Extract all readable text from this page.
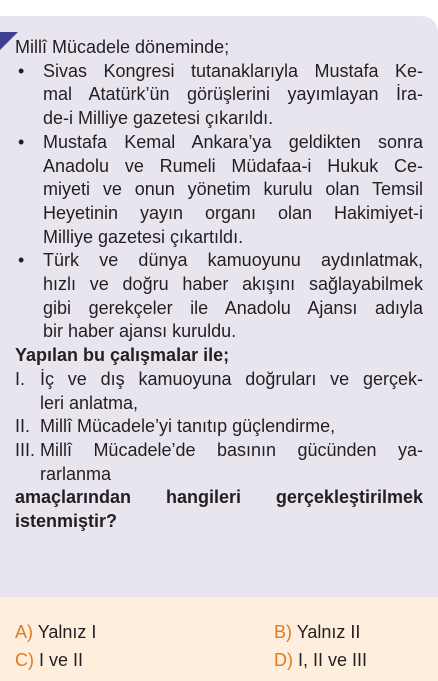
Millî Mücadele döneminde;
• Sivas Kongresi tutanaklarıyla Mustafa Ke-
mal Atatürk’ün görüşlerini yayımlayan İra-
de-i Milliye gazetesi çıkarıldı.
• Mustafa Kemal Ankara’ya geldikten sonra
Anadolu ve Rumeli Müdafaa-i Hukuk Ce-
miyeti ve onun yönetim kurulu olan Temsil
Heyetinin yayın organı olan Hakimiyet-i
Milliye gazetesi çıkartıldı.
• Türk ve dünya kamuoyunu aydınlatmak,
hızlı ve doğru haber akışını sağlayabilmek
gibi gerekçeler ile Anadolu Ajansı adıyla
bir haber ajansı kuruldu.
Yapılan bu çalışmalar ile;
I. İç ve dış kamuoyuna doğruları ve gerçek-
leri anlatma,
II. Millî Mücadele’yi tanıtıp güçlendirme,
III. Millî Mücadele’de basının gücünden ya-
rarlanma
amaçlarından hangileri gerçekleştirilmek
istenmiştir?
A) Yalnız I	B) Yalnız II
C) I ve II	D) I, II ve III
